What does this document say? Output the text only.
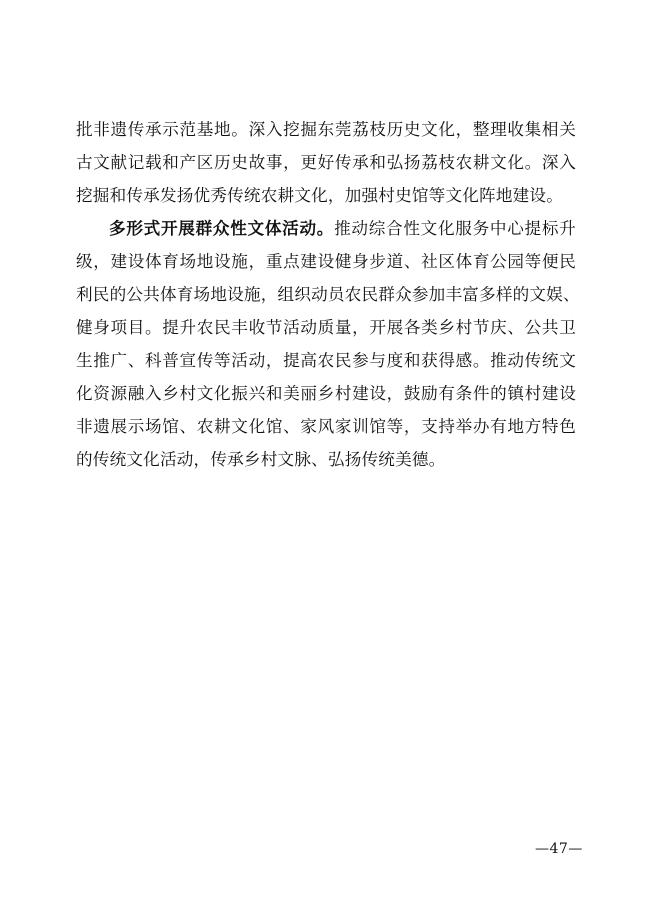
批非遗传承示范基地。深入挖掘东莞荔枝历史文化，整理收集相关
古文献记载和产区历史故事，更好传承和弘扬荔枝农耕文化。深入
挖掘和传承发扬优秀传统农耕文化，加强村史馆等文化阵地建设。
多形式开展群众性文体活动。推动综合性文化服务中心提标升
级，建设体育场地设施，重点建设健身步道、社区体育公园等便民
利民的公共体育场地设施，组织动员农民群众参加丰富多样的文娱、
健身项目。提升农民丰收节活动质量，开展各类乡村节庆、公共卫
生推广、科普宣传等活动，提高农民参与度和获得感。推动传统文
化资源融入乡村文化振兴和美丽乡村建设，鼓励有条件的镇村建设
非遗展示场馆、农耕文化馆、家风家训馆等，支持举办有地方特色
的传统文化活动，传承乡村文脉、弘扬传统美德。
—47—
